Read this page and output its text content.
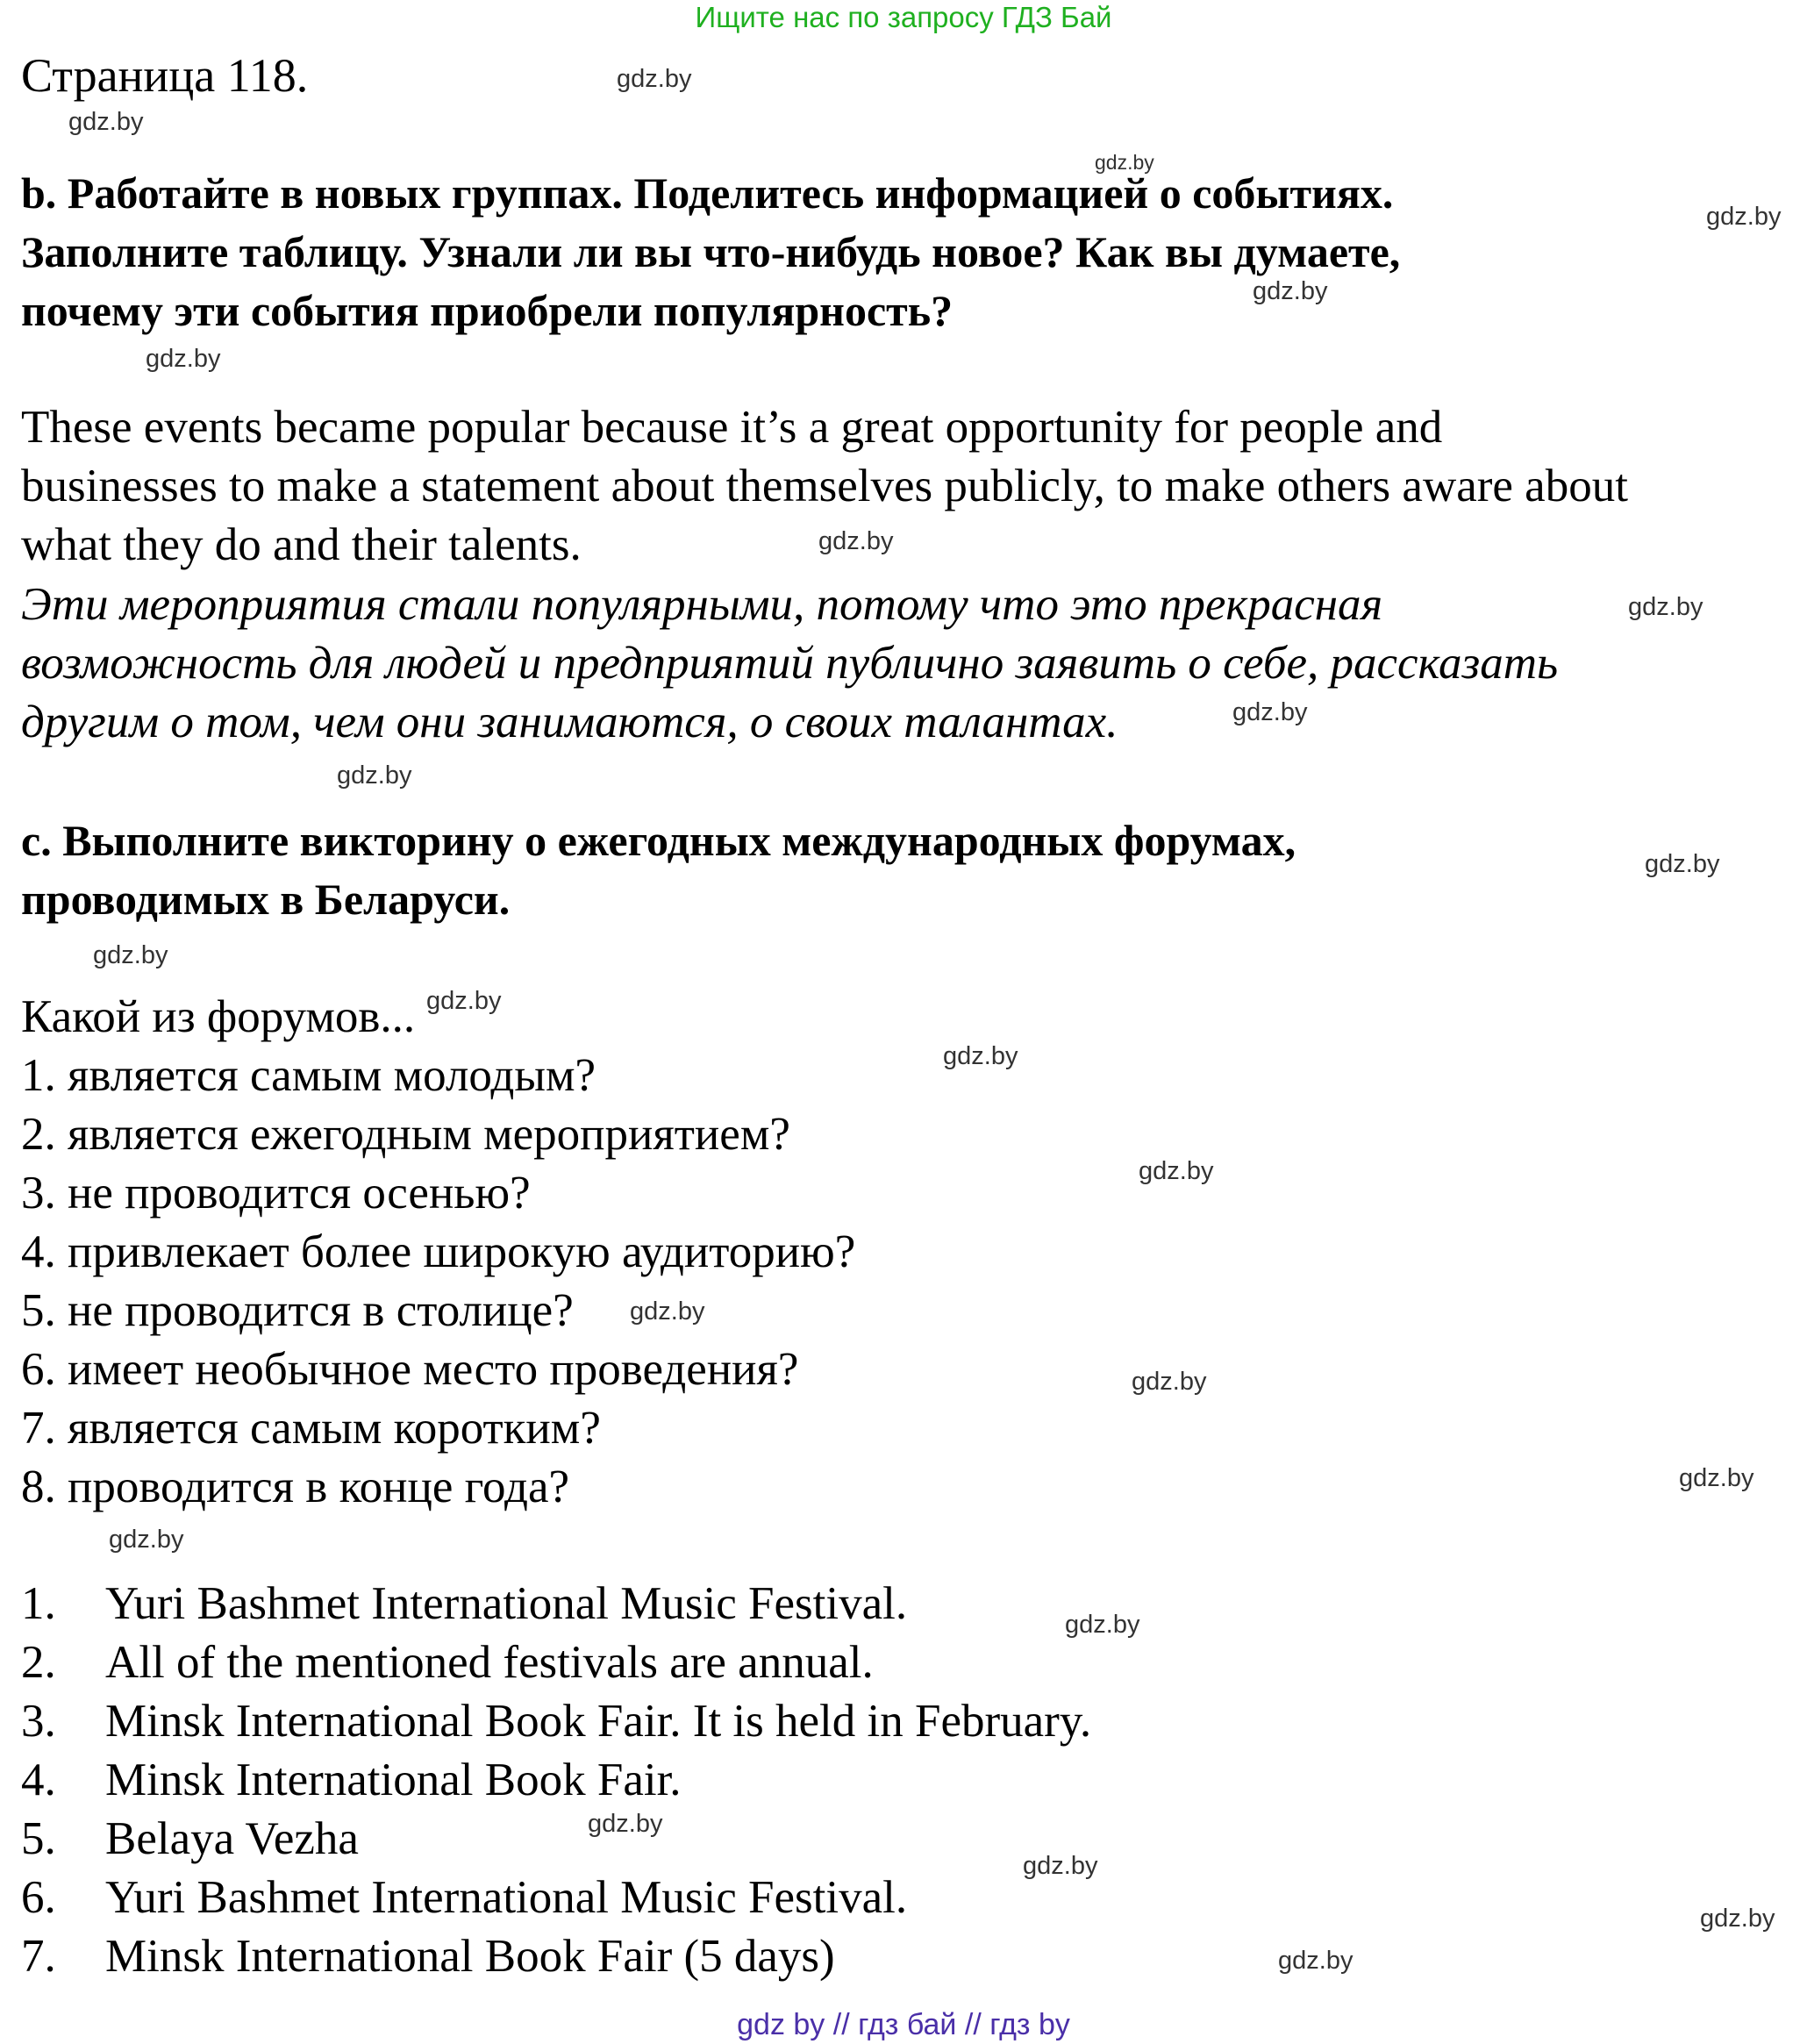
Ищите нас по запросу ГДЗ Бай
Страница 118.
b. Работайте в новых группах. Поделитесь информацией о событиях.
Заполните таблицу. Узнали ли вы что-нибудь новое? Как вы думаете,
почему эти события приобрели популярность?
These events became popular because it’s a great opportunity for people and
businesses to make a statement about themselves publicly, to make others aware about
what they do and their talents.
Эти мероприятия стали популярными, потому что это прекрасная
возможность для людей и предприятий публично заявить о себе, рассказать
другим о том, чем они занимаются, о своих талантах.
c. Выполните викторину о ежегодных международных форумах,
проводимых в Беларуси.

Какой из форумов...

1. является самым молодым?
2. является ежегодным мероприятием?
3. не проводится осенью?
4. привлекает более широкую аудиторию?
5. не проводится в столице?
6. имеет необычное место проведения?
7. является самым коротким?
8. проводится в конце года?
1.	Yuri Bashmet International Music Festival.
2.	All of the mentioned festivals are annual.
3.	Minsk International Book Fair. It is held in February.
4.	Minsk International Book Fair.
5.	Belaya Vezha
6.	Yuri Bashmet International Music Festival.
7.	Minsk International Book Fair (5 days)
gdz.by
gdz.by
gdz.by
gdz.by
gdz.by
gdz.by
gdz.by
gdz.by
gdz.by
gdz.by
gdz.by
gdz.by
gdz.by
gdz.by
gdz.by
gdz.by
gdz.by
gdz.by
gdz.by
gdz.by
gdz.by
gdz.by
gdz.by
gdz.by
gdz by // гдз бай // гдз by
